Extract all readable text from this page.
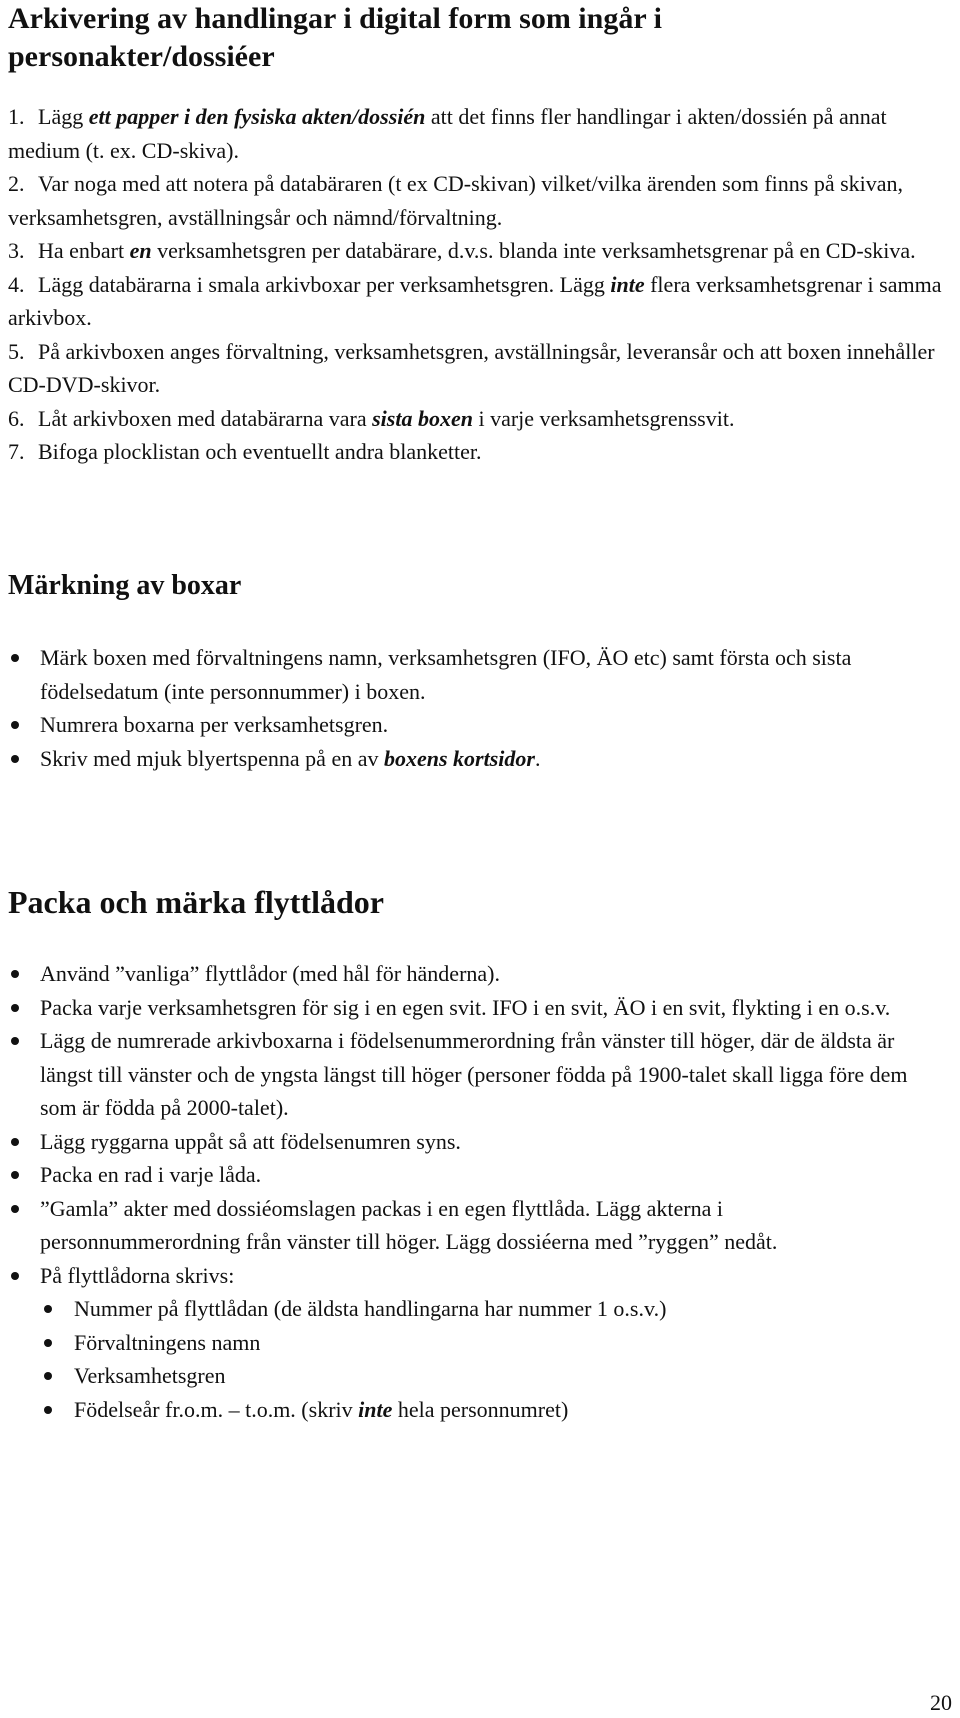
Arkivering av handlingar i digital form som ingår i personakter/dossiéer
1. Lägg ett papper i den fysiska akten/dossién att det finns fler handlingar i akten/dossién på annat medium (t. ex. CD-skiva).
2. Var noga med att notera på databäraren (t ex CD-skivan) vilket/vilka ärenden som finns på skivan, verksamhetsgren, avställningsår och nämnd/förvaltning.
3. Ha enbart en verksamhetsgren per databärare, d.v.s. blanda inte verksamhetsgrenar på en CD-skiva.
4. Lägg databärarna i smala arkivboxar per verksamhetsgren. Lägg inte flera verksamhetsgrenar i samma arkivbox.
5. På arkivboxen anges förvaltning, verksamhetsgren, avställningsår, leveransår och att boxen innehåller CD-DVD-skivor.
6. Låt arkivboxen med databärarna vara sista boxen i varje verksamhetsgrenssvit.
7. Bifoga plocklistan och eventuellt andra blanketter.
Märkning av boxar
Märk boxen med förvaltningens namn, verksamhetsgren (IFO, ÄO etc) samt första och sista födelsedatum (inte personnummer) i boxen.
Numrera boxarna per verksamhetsgren.
Skriv med mjuk blyertspenna på en av boxens kortsidor.
Packa och märka flyttlådor
Använd ”vanliga” flyttlådor (med hål för händerna).
Packa varje verksamhetsgren för sig i en egen svit. IFO i en svit, ÄO i en svit, flykting i en o.s.v.
Lägg de numrerade arkivboxarna i födelsenummerordning från vänster till höger, där de äldsta är längst till vänster och de yngsta längst till höger (personer födda på 1900-talet skall ligga före dem som är födda på 2000-talet).
Lägg ryggarna uppåt så att födelsenumren syns.
Packa en rad i varje låda.
”Gamla” akter med dossiéomslagen packas i en egen flyttlåda. Lägg akterna i personnummerordning från vänster till höger. Lägg dossiéerna med ”ryggen” nedåt.
På flyttlådorna skrivs:
Nummer på flyttlådan (de äldsta handlingarna har nummer 1 o.s.v.)
Förvaltningens namn
Verksamhetsgren
Födelseår fr.o.m. – t.o.m. (skriv inte hela personnumret)
20
